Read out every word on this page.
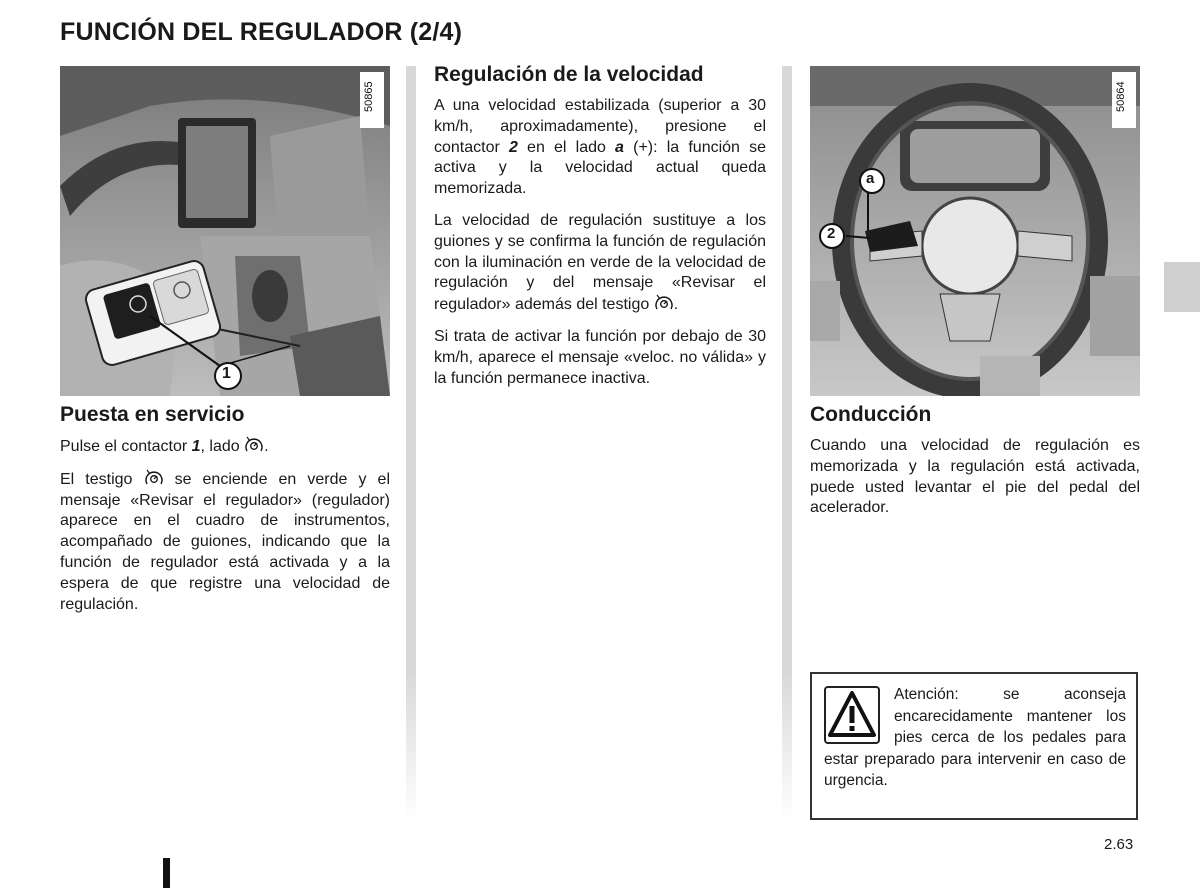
FUNCIÓN DEL REGULADOR (2/4)
50865
1
50864
a
2
Puesta en servicio

Pulse el contactor 1, lado .

El testigo  se enciende en verde y el mensaje «Revisar el regulador» (regulador) aparece en el cuadro de instrumentos, acompañado de guiones, indicando que la función de regulador está activada y a la espera de que registre una velocidad de regulación.

Regulación de la velocidad

A una velocidad estabilizada (superior a 30 km/h, aproximadamente), presione el contactor 2 en el lado a (+): la función se activa y la velocidad actual queda memorizada.

La velocidad de regulación sustituye a los guiones y se confirma la función de regulación con la iluminación en verde de la velocidad de regulación y del mensaje «Revisar el regulador» además del testigo .

Si trata de activar la función por debajo de 30 km/h, aparece el mensaje «veloc. no válida» y la función permanece inactiva.

Conducción

Cuando una velocidad de regulación es memorizada y la regulación está activada, puede usted levantar el pie del pedal del acelerador.

Atención: se aconseja encarecidamente mantener los pies cerca de los pedales para estar preparado para intervenir en caso de urgencia.
2.63
